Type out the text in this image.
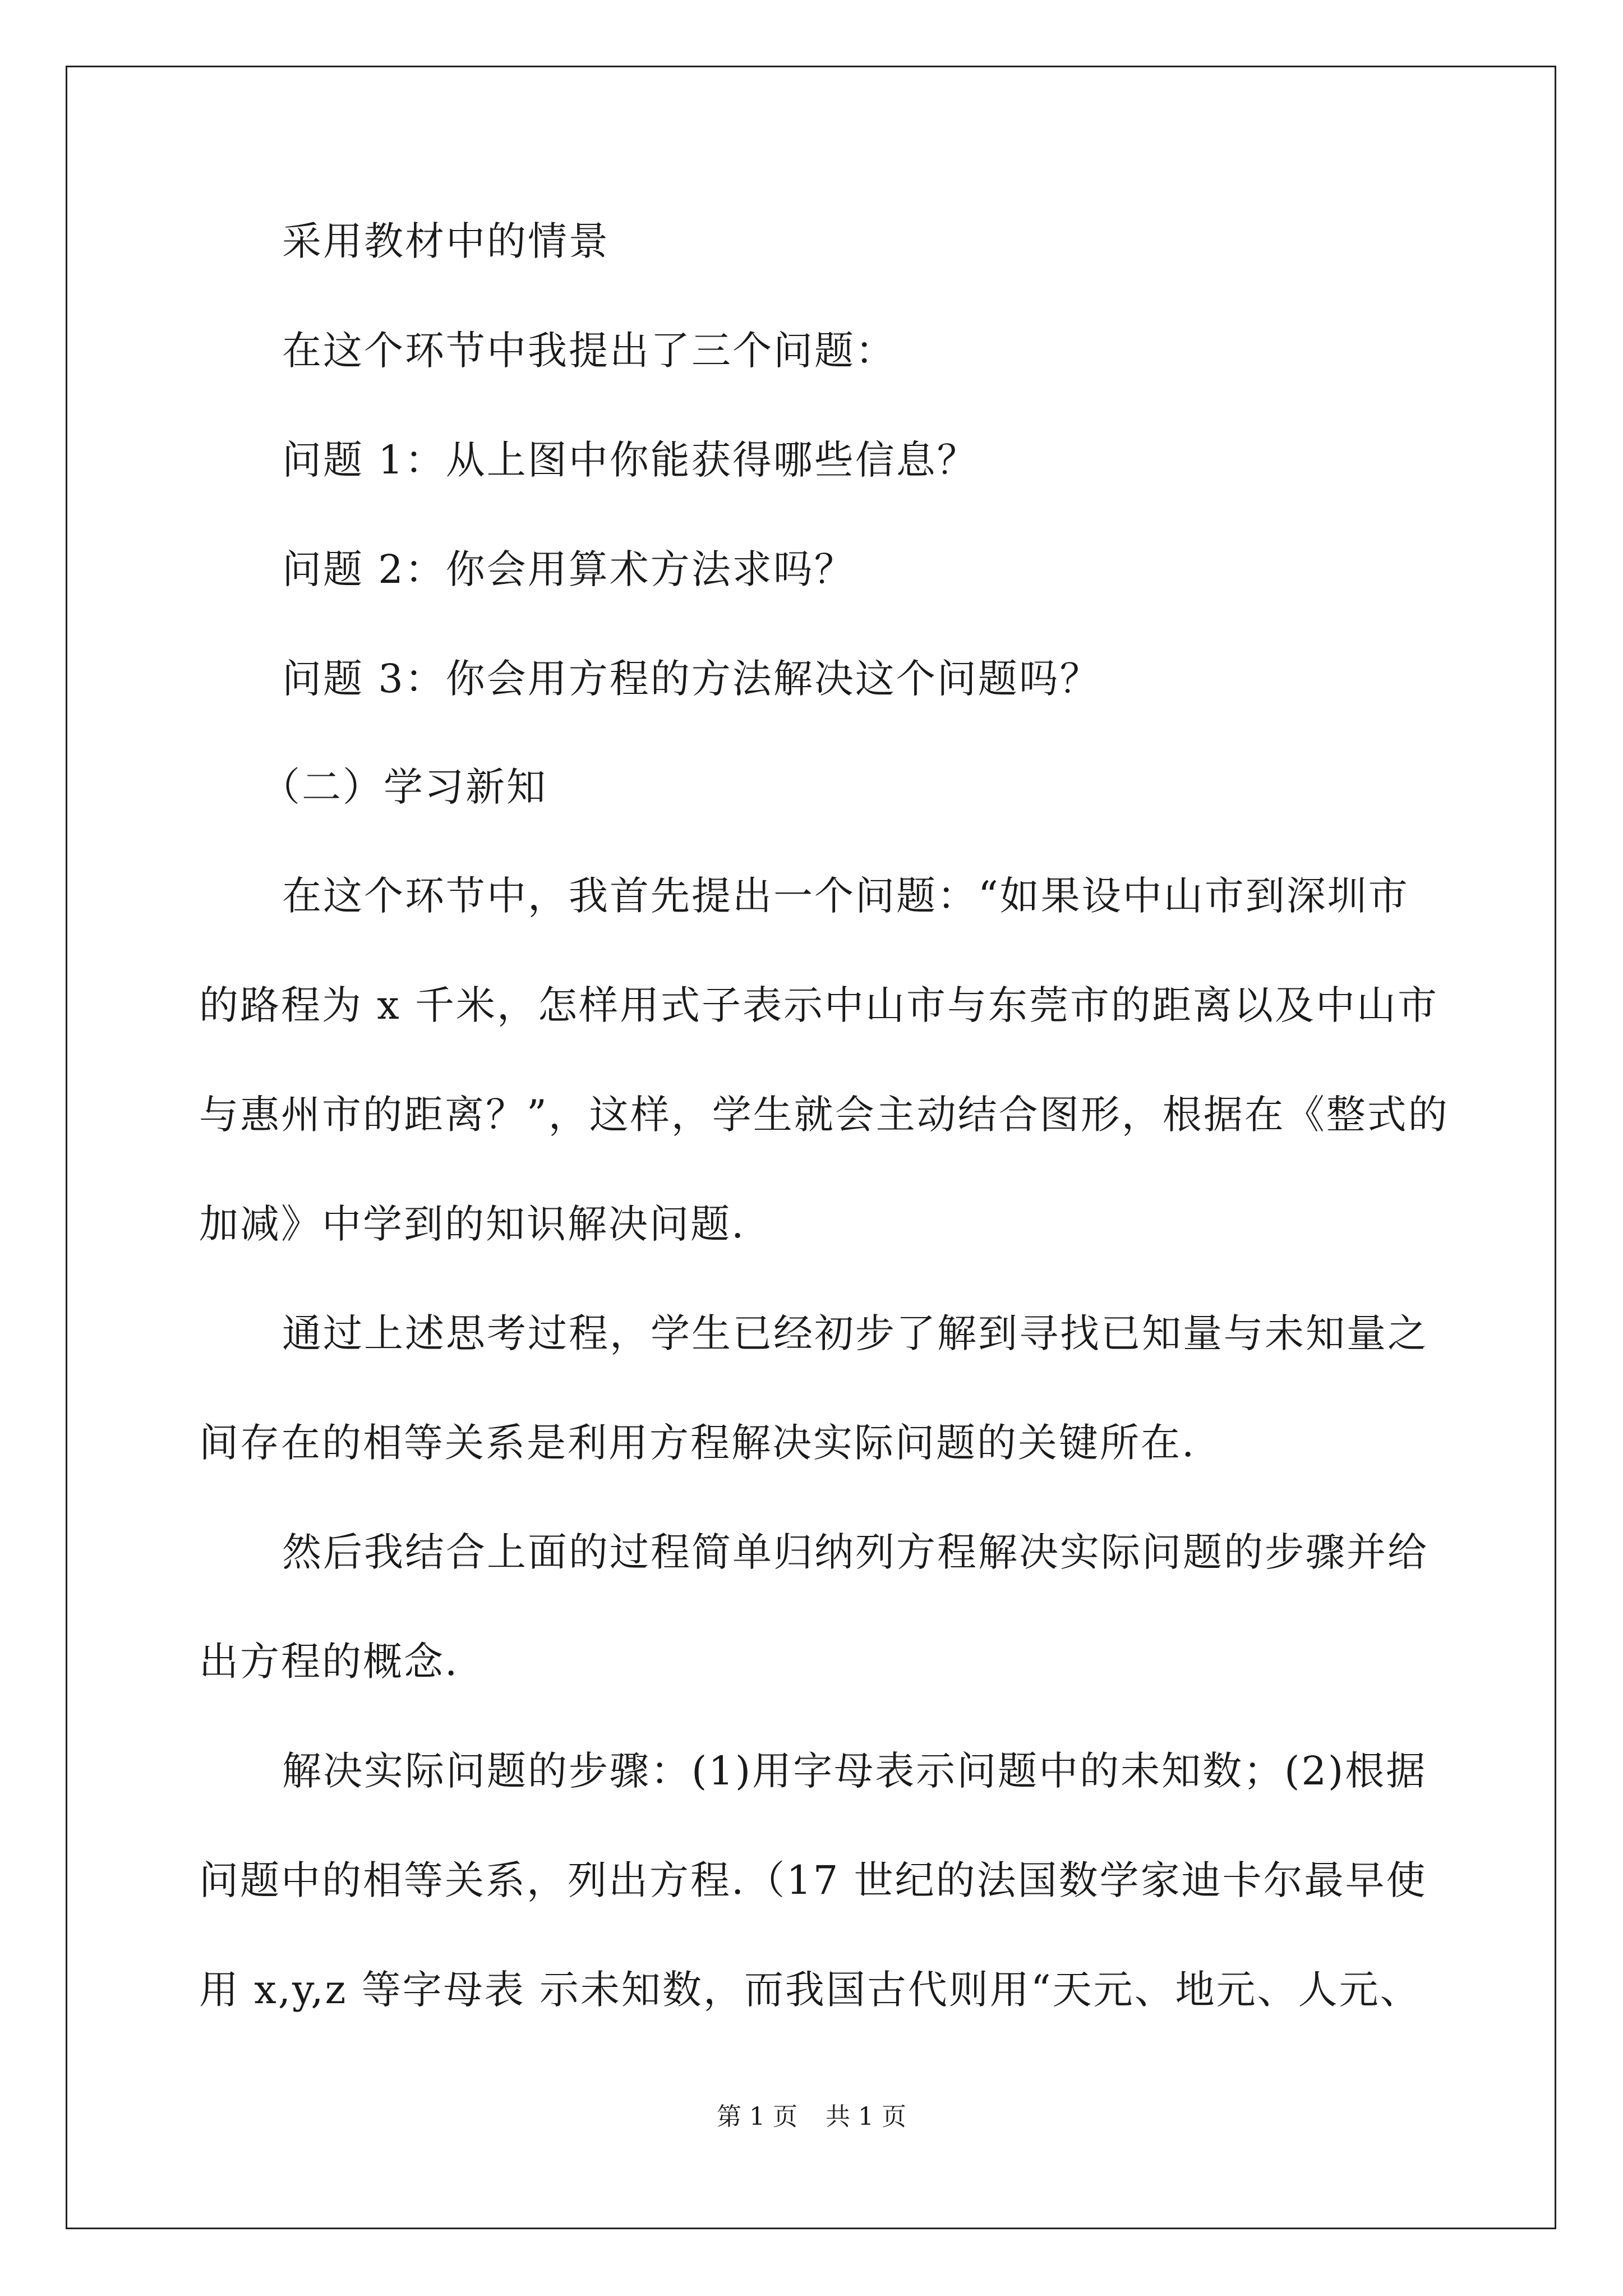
采用教材中的情景
在这个环节中我提出了三个问题：
问题 1：从上图中你能获得哪些信息？
问题 2：你会用算术方法求吗？
问题 3：你会用方程的方法解决这个问题吗？
（二）学习新知
在这个环节中，我首先提出一个问题：“如果设中山市到深圳市
的路程为 x 千米，怎样用式子表示中山市与东莞市的距离以及中山市
与惠州市的距离？”，这样，学生就会主动结合图形，根据在《整式的
加减》中学到的知识解决问题.
通过上述思考过程，学生已经初步了解到寻找已知量与未知量之
间存在的相等关系是利用方程解决实际问题的关键所在.
然后我结合上面的过程简单归纳列方程解决实际问题的步骤并给
出方程的概念.
解决实际问题的步骤：(1)用字母表示问题中的未知数；(2)根据
问题中的相等关系，列出方程.（17 世纪的法国数学家迪卡尔最早使
用 x,y,z 等字母表 示未知数，而我国古代则用“天元、地元、人元、
第 1 页 共 1 页
